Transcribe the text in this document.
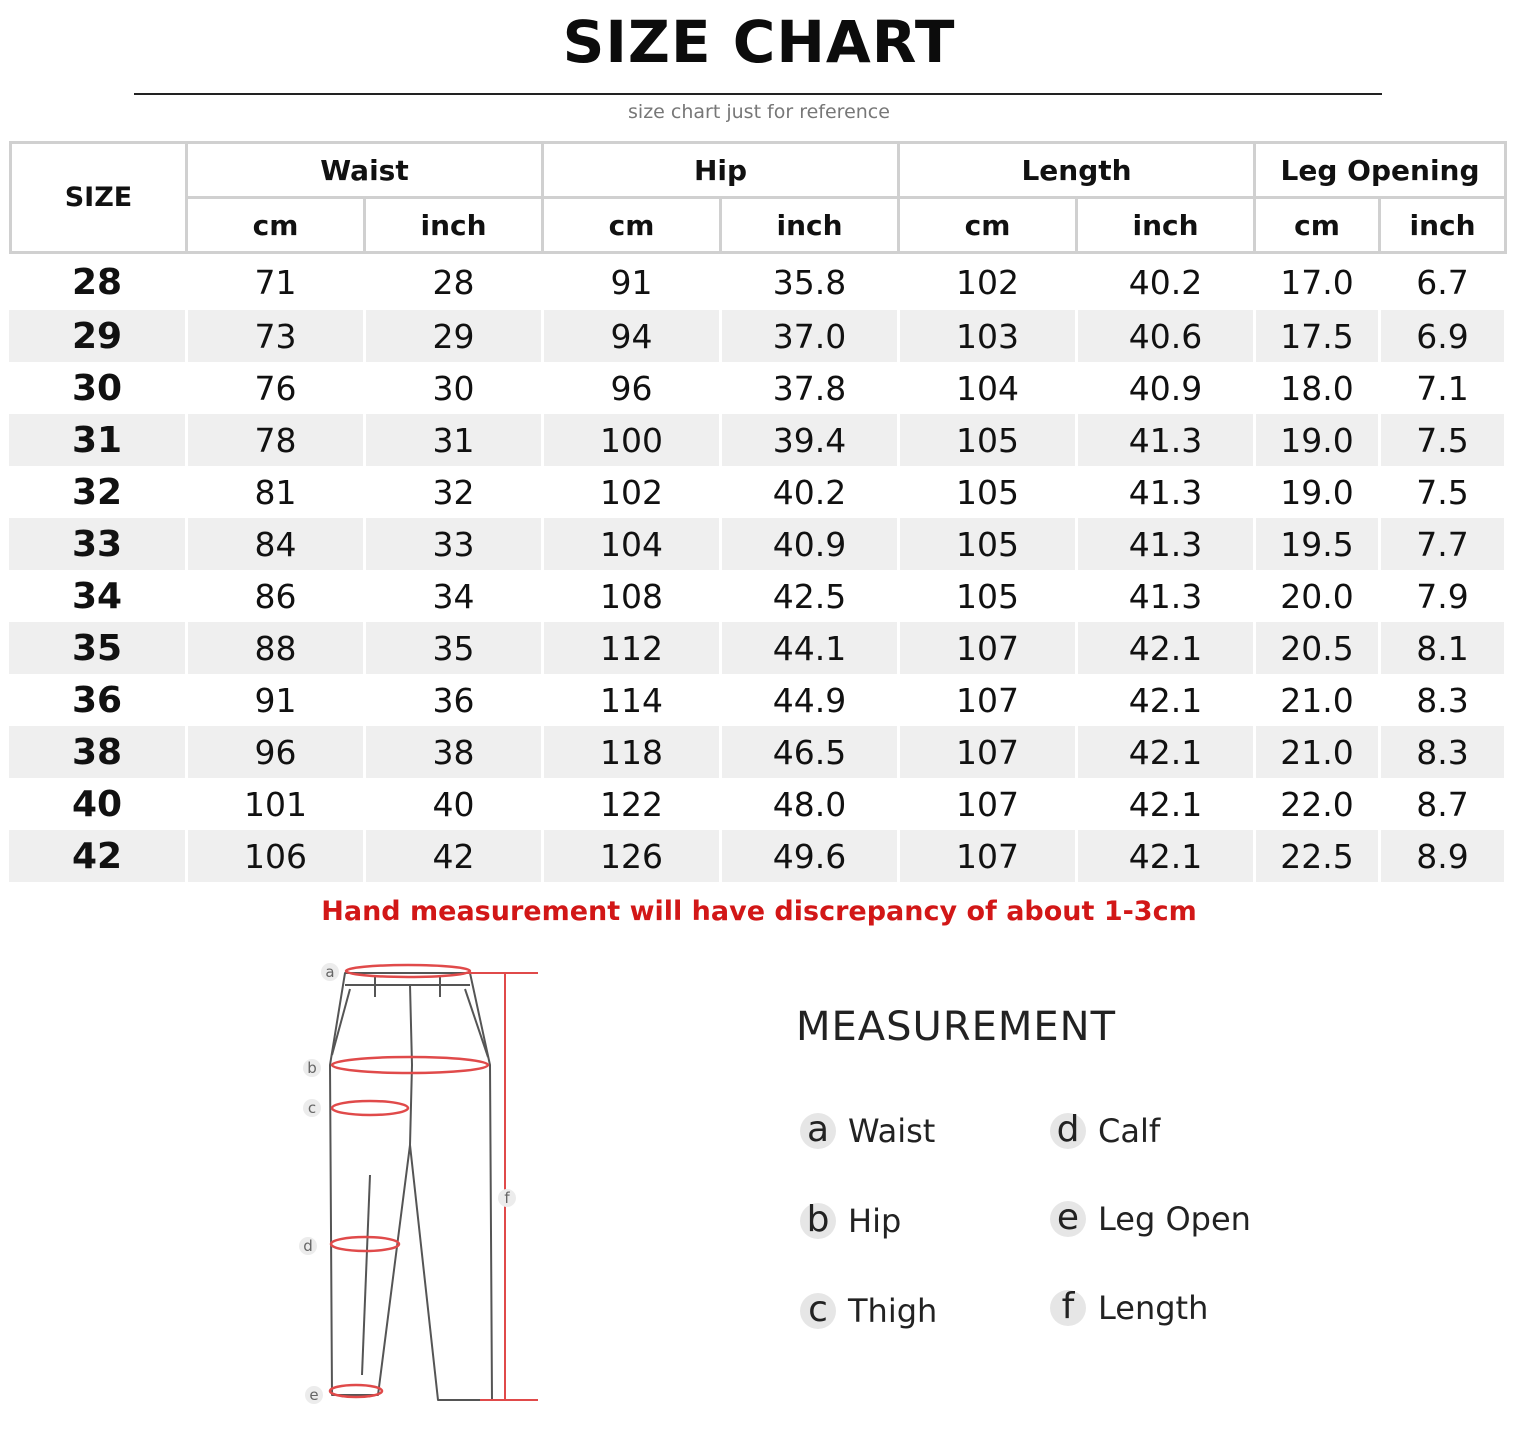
SIZE CHART
size chart just for reference
SIZE	Waist		Hip		Length		Leg Opening	
	cm	inch	cm	inch	cm	inch	cm	inch
28	71	28	91	35.8	102	40.2	17.0	6.7
29	73	29	94	37.0	103	40.6	17.5	6.9
30	76	30	96	37.8	104	40.9	18.0	7.1
31	78	31	100	39.4	105	41.3	19.0	7.5
32	81	32	102	40.2	105	41.3	19.0	7.5
33	84	33	104	40.9	105	41.3	19.5	7.7
34	86	34	108	42.5	105	41.3	20.0	7.9
35	88	35	112	44.1	107	42.1	20.5	8.1
36	91	36	114	44.9	107	42.1	21.0	8.3
38	96	38	118	46.5	107	42.1	21.0	8.3
40	101	40	122	48.0	107	42.1	22.0	8.7
42	106	42	126	49.6	107	42.1	22.5	8.9
Hand measurement will have discrepancy of about 1-3cm
a
b
c
d
e
f
MEASUREMENT
a Waist
b Hip
c Thigh
d Calf
e Leg Open
f Length
